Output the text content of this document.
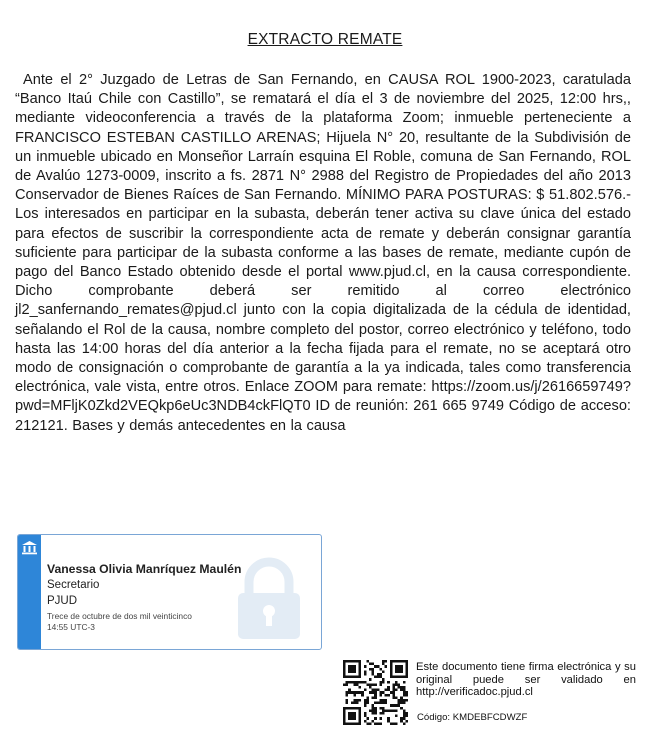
EXTRACTO REMATE
Ante el 2° Juzgado de Letras de San Fernando, en CAUSA ROL 1900-2023, caratulada “Banco Itaú Chile con Castillo”, se rematará el día el 3 de noviembre del 2025, 12:00 hrs,, mediante videoconferencia a través de la plataforma Zoom; inmueble perteneciente a FRANCISCO ESTEBAN CASTILLO ARENAS; Hijuela N° 20, resultante de la Subdivisión de un inmueble ubicado en Monseñor Larraín esquina El Roble, comuna de San Fernando, ROL de Avalúo 1273-0009, inscrito a fs. 2871 N° 2988 del Registro de Propiedades del año 2013 Conservador de Bienes Raíces de San Fernando. MÍNIMO PARA POSTURAS: $ 51.802.576.- Los interesados en participar en la subasta, deberán tener activa su clave única del estado para efectos de suscribir la correspondiente acta de remate y deberán consignar garantía suficiente para participar de la subasta conforme a las bases de remate, mediante cupón de pago del Banco Estado obtenido desde el portal www.pjud.cl, en la causa correspondiente. Dicho comprobante deberá ser remitido al correo electrónico jl2_sanfernando_remates@pjud.cl junto con la copia digitalizada de la cédula de identidad, señalando el Rol de la causa, nombre completo del postor, correo electrónico y teléfono, todo hasta las 14:00 horas del día anterior a la fecha fijada para el remate, no se aceptará otro modo de consignación o comprobante de garantía a la ya indicada, tales como transferencia electrónica, vale vista, entre otros. Enlace ZOOM para remate: https://zoom.us/j/2616659749?pwd=MFljK0Zkd2VEQkp6eUc3NDB4ckFlQT0 ID de reunión: 261 665 9749 Código de acceso: 212121. Bases y demás antecedentes en la causa
Vanessa Olivia Manríquez Maulén
Secretario
PJUD
Trece de octubre de dos mil veinticinco
14:55 UTC-3
Este documento tiene firma electrónica y su original puede ser validado en http://verificadoc.pjud.cl
Código: KMDEBFCDWZF
